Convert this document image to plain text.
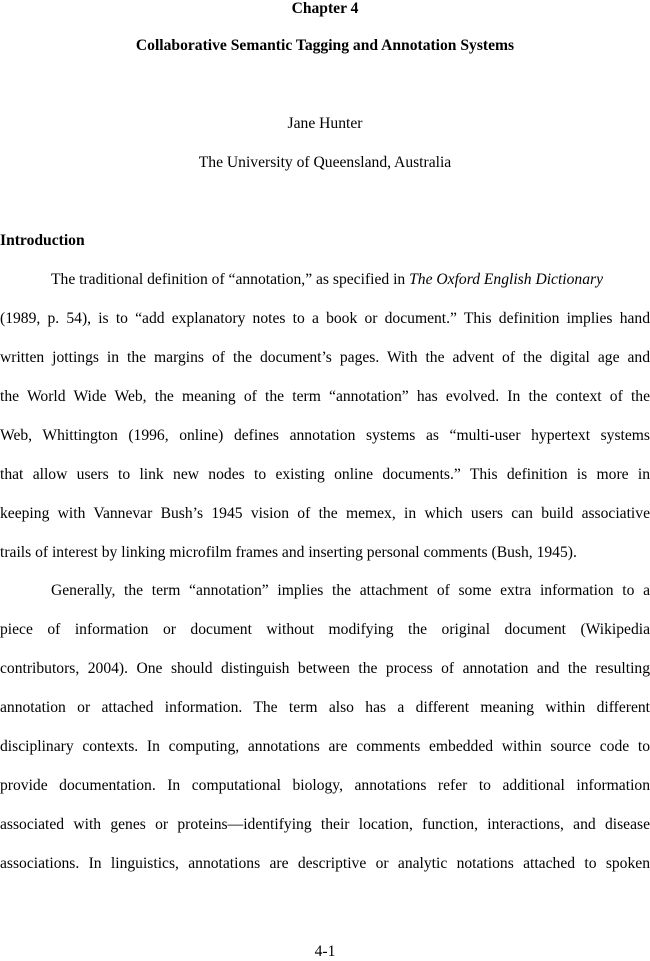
Chapter 4
Collaborative Semantic Tagging and Annotation Systems
Jane Hunter
The University of Queensland, Australia
Introduction
The traditional definition of “annotation,” as specified in The Oxford English Dictionary
(1989, p. 54), is to “add explanatory notes to a book or document.” This definition implies hand
written jottings in the margins of the document’s pages. With the advent of the digital age and
the World Wide Web, the meaning of the term “annotation” has evolved. In the context of the
Web, Whittington (1996, online) defines annotation systems as “multi-user hypertext systems
that allow users to link new nodes to existing online documents.” This definition is more in
keeping with Vannevar Bush’s 1945 vision of the memex, in which users can build associative
trails of interest by linking microfilm frames and inserting personal comments (Bush, 1945).
Generally, the term “annotation” implies the attachment of some extra information to a
piece of information or document without modifying the original document (Wikipedia
contributors, 2004). One should distinguish between the process of annotation and the resulting
annotation or attached information. The term also has a different meaning within different
disciplinary contexts. In computing, annotations are comments embedded within source code to
provide documentation. In computational biology, annotations refer to additional information
associated with genes or proteins—identifying their location, function, interactions, and disease
associations. In linguistics, annotations are descriptive or analytic notations attached to spoken
4-1
